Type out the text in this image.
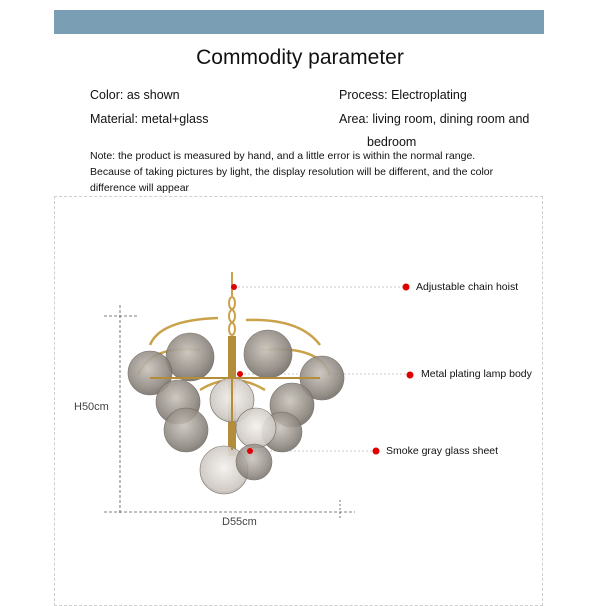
Commodity parameter
Color: as shown	Process: Electroplating
Material: metal+glass	Area: living room, dining room and
bedroom
Note: the product is measured by hand, and a little error is within the normal range.
Because of taking pictures by light, the display resolution will be different, and the color
difference will appear
Adjustable chain hoist
Metal plating lamp body
Smoke gray glass sheet
H50cm
D55cm
